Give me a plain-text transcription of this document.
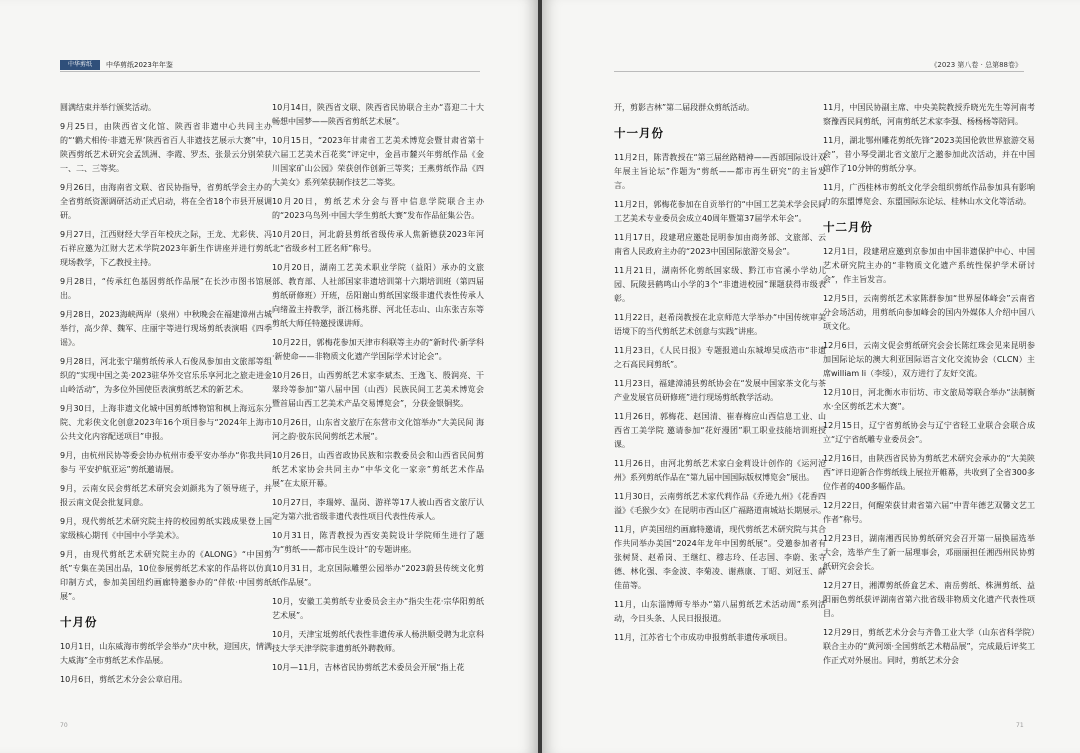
中华剪纸	中华剪纸2023年年鉴

圆满结束并举行颁奖活动。

9月25日，由陕西省文化馆、陕西省非遗中心共同主办的“‘鹳犬相传·非遗无界’陕西省百人非遗技艺展示大赛”中，陕西剪纸艺术研究会孟凯洲、李霞、罗杰、张景云分别荣获一、二、三等奖。

9月26日，由海南省文联、省民协指导，省剪纸学会主办的全省剪纸资源调研活动正式启动，将在全省18个市县开展调研。

9月27日，江西财经大学百年校庆之际，王龙、尤彩侠、冯石祥应邀为江财大艺术学院2023年新生作讲座并进行剪纸现场教学，下乙教授主持。

9月28日，“传承红色基因剪纸作品展”在长沙市图书馆展出。

9月28日，2023海峡两岸（泉州）中秋晚会在福建漳州古城举行，高少萍、魏军、庄丽宇等进行现场剪纸表演唱《四季谣》。

9月28日，河北张宁瑞剪纸传承人石俊凤参加由文旅部等组织的“实现中国之美·2023驻华外交官乐乐享河北之旅走进金山岭活动”，为多位外国使臣表演剪纸艺术的新艺术。

9月30日，上海非遗文化城中国剪纸博物馆和枫上海远东分院、尤彩侠文化创意2023年16个项目参与“2024年上海市公共文化内容配送项目”申报。

9月，由杭州民协等委会协办杭州市委平安办举办“你我共同参与 平安护航亚运”剪纸邀请展。

9月，云南女民会剪纸艺术研究会刘颜兆为了领导班子，并报云南文促会批复同意。

9月，现代剪纸艺术研究院主持的校园剪纸实践成果登上国家级核心期刊《中国中小学美术》。

9月，由现代剪纸艺术研究院主办的《ALONG》“中国剪纸”专集在美国出品，10位参展剪纸艺术家的作品将以仿真印制方式，参加美国纽约画廊特邀参办的“伴侬·中国剪纸展”。

十月份

10月1日，山东威海市剪纸学会举办“庆中秋，迎国庆，情满大威海”全市剪纸艺术作品展。

10月6日，剪纸艺术分会公章启用。

10月14日，陕西省文联、陕西省民协联合主办“喜迎二十大 畅想中国梦——陕西省剪纸艺术展”。

10月15日，“2023年甘肃省工艺美术博览会暨甘肃省第十六届工艺美术百花奖”评定中，金昌市麓兴年剪纸作品《金川国家矿山公园》荣获创作创新三等奖；王燕剪纸作品《四大美女》系列荣获制作技艺二等奖。

10月20日，剪纸艺术分会与晋中信息学院联合主办的“2023乌鸟列·中国大学生剪纸大赛”发布作品征集公告。

10月20日，河北蔚县剪纸省级传承人焦新德获2023年河北“省级乡村工匠名师”称号。

10月20日，湖南工艺美术职业学院（益阳）承办的文旅部、教育部、人社部国家非遗培训第十六期培训班（第四届剪纸研修班）开班，岳阳谢山剪纸国家级非遗代表性传承人向绪盈主持教学，浙江杨兆群、河北任志山、山东张吉东等剪纸大师任特邀授课讲师。

10月22日，郭梅花参加天津市科联等主办的“新时代·新学科·新使命——非物质文化遗产学国际学术讨论会”。

10月26日，山西剪纸艺术家李斌杰、王逸飞、殷润亮、干翠玲等参加“第八届中国（山西）民族民间工艺美术博览会暨首届山西工艺美术产品交易博览会”，分获金银铜奖。

10月26日，山东省文旅厅在东营市文化馆举办“大美民间 海河之韵·胶东民间剪纸艺术展”。

10月26日，山西省政协民族和宗教委员会和山西省民间剪纸艺术家协会共同主办“中华文化一家亲”剪纸艺术作品展”在太原开幕。

10月27日，李瑞婷、温岗、游祥等17人被山西省文旅厅认定为第六批省级非遗代表性项目代表性传承人。

10月31日，陈青教授为西安美院设计学院师生进行了题为“剪纸——都市民生设计”的专题讲座。

10月31日，北京国际雕塑公园举办“2023蔚县传统文化剪纸作品展”。

10月，安徽工美剪纸专业委员会主办“指尖生花·宗华阳剪纸艺术展”。

10月，天津宝坻剪纸代表性非遗传承人杨洪顺受聘为北京科技大学天津学院非遗剪纸外聘教师。

10月—11月，吉林省民协剪纸艺术委员会开展“指上花

70
《2023 第八卷 · 总第88卷》

开，剪影吉林”第二届段群众剪纸活动。

十一月份

11月2日，陈青教授在“第三届丝路精神——西部国际设计双年展主旨论坛”作题为“剪纸——都市再生研究”的主旨发言。

11月2日，郭梅花参加在自贡举行的“中国工艺美术学会民间工艺美术专业委员会成立40周年暨第37届学术年会”。

11月17日，段建珺应邀赴昆明参加由商务部、文旅部、云南省人民政府主办的“2023中国国际旅游交易会”。

11月21日，湖南怀化剪纸国家级、黔江市官溪小学幼儿园、阮陵县鹤鸣山小学的3个“非遗进校园”课题获得市级表彰。

11月22日，赵希岗教授在北京师范大学举办“中国传统审美语境下的当代剪纸艺术创意与实践”讲座。

11月23日，《人民日报》专题报道山东城埠吴成浩市“非遗之石高民间剪纸”。

11月23日，福建漳浦县剪纸协会在“发展中国家茶文化与茶产业发展官员研修班”进行现场剪纸教学活动。

11月26日，郭梅花、赵国清、崔春梅应山西信息工业、山西省工美学院 邀请参加“花好漫团”职工职业技能培训班授课。

11月26日，由河北剪纸艺术家白金莉设计创作的《运河沧州》系列剪纸作品在“第九届中国国际版权博览会”展出。

11月30日，云南剪纸艺术家代莉作品《乔逊九州》《花香四溢》《毛猴少女》在昆明市西山区广福路道南城站长期展示。

11月，庐美国纽约画廊特邀请，现代剪纸艺术研究院与其合作共同举办美国“2024年龙年中国剪纸展”。受邀参加者有张树贤、赵希岗、王继红、穆志玲、任志国、李蔚、张寺德、林化强、李金波、李菊凌、谢燕康、丁昭、刘冠玉、薛佳苗等。

11月，山东淄博师专举办“第八届剪纸艺术活动周”系列活动，今日头条、人民日报报道。

11月，江苏省七个市成功申报剪纸非遗传承项目。

11月，中国民协副主席、中央美院教授乔晓光先生等河南考察豫西民间剪纸，河南剪纸艺术家李强、杨杨杨等陪同。

11月，湖北鄂州雕花剪纸先锋“2023美国伦敦世界旅游交易会”，昔小琴受湖北省文旅厅之邀参加此次活动，并在中国馆作了10分钟的剪纸分享。

11月，广西桂林市剪纸文化学会组织剪纸作品参加具有影响力的东盟博览会、东盟国际东论坛、桂林山水文化等活动。

十二月份

12月1日，段建珺应邀到京参加由中国非遗保护中心、中国艺术研究院主办的“非物质文化遗产系统性保护学术研讨会”，作主旨发言。

12月5日，云南剪纸艺术家陈群参加“世界屋体峰会”云南省分会场活动，用剪纸向参加峰会的国内外媒体人介绍中国八项文化。

12月6日，云南文促会剪纸研究会会长陈红珠会见来昆明参加国际论坛的澳大利亚国际语言文化交流协会（CLCN）主席william li（李绥），双方进行了友好交流。

12月10日，河北衡水市衍坊、市文旅局等联合举办“法制衡水·全区剪纸艺术大赛”。

12月15日，辽宁省剪纸协会与辽宁省轻工业联合会联合成立“辽宁省纸雕专业委员会”。

12月16日，由陕西省民协为剪纸艺术研究会承办的“大美陕西”评日迎新合作剪纸线上展拉开帷幕，共收到了全省300多位作者的400多幅作品。

12月22日，何醒荣获甘肃省第六届“中青年德艺双馨文艺工作者”称号。

12月23日，湖南湘西民协剪纸研究会召开第一届换届选举大会，选举产生了新一届理事会，邓丽丽担任湘西州民协剪纸研究会会长。

12月27日，湘潭剪纸侨盒艺术、南岳剪纸、株洲剪纸、益阳丽色剪纸获评湖南省第六批省级非物质文化遗产代表性项目。

12月29日，剪纸艺术分会与齐鲁工业大学（山东省科学院）联合主办的“黄河颂·全国剪纸艺术精品展”，完成最后评奖工作正式对外展出。同时，剪纸艺术分会

71
